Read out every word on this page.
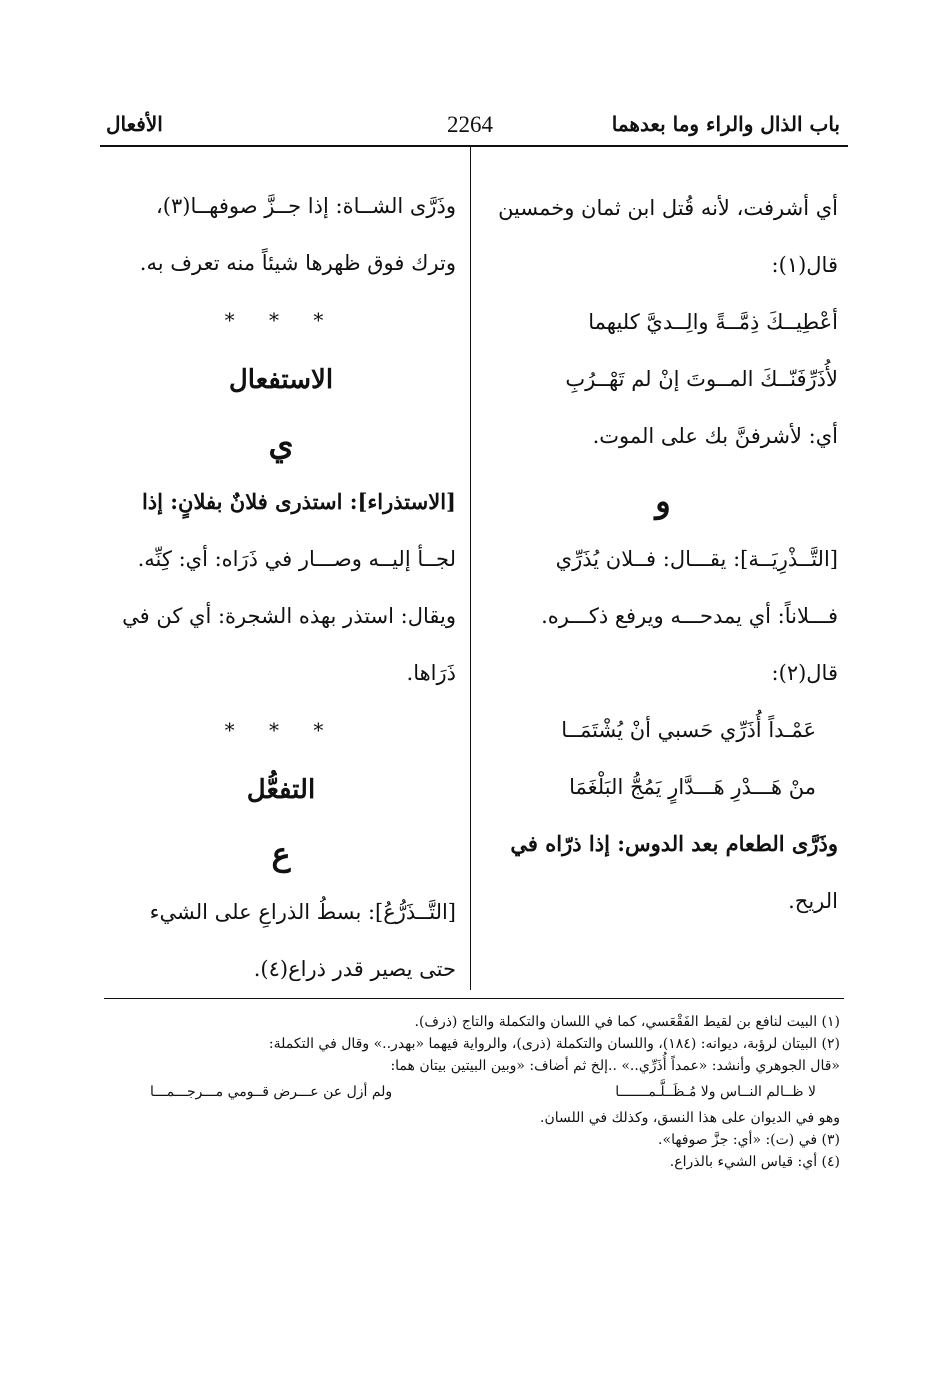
باب الذال والراء وما بعدهما
2264
الأفعال
أي أشرفت، لأنه قُتل ابن ثمان وخمسين
قال(١):
أعْطِيــكَ ذِمَّــةً والِــديَّ كليهما
لأُذَرِّفَنّــكَ المــوتَ إنْ لم تَهْــرُبِ
أي: لأشرفنَّ بك على الموت.
و
[التَّــذْرِيَــة]: يقـــال: فــلان يُذَرِّي
فـــلاناً: أي يمدحـــه ويرفع ذكـــره.
قال(٢):
عَمْـداً أُذَرِّي حَسبي أنْ يُشْتَمَــا
منْ هَـــدْرِ هَـــدَّارٍ يَمُجُّ البَلْغَمَا
وذَرَّى الطعام بعد الدوس: إذا ذرّاه في
الريح.
وذَرَّى الشــاة: إذا جــزَّ صوفهــا(٣)،
وترك فوق ظهرها شيئاً منه تعرف به.
* * *
الاستفعال
ي
[الاستذراء]: استذرى فلانٌ بفلانٍ: إذا
لجــأ إليــه وصـــار في ذَرَاه: أي: كِنِّه.
ويقال: استذر بهذه الشجرة: أي كن في
ذَرَاها.
* * *
التفعُّل
ع
[التَّــذَرُّعُ]: بسطُ الذراعِ على الشيء
حتى يصير قدر ذراع(٤).
(١) البيت لنافع بن لقيط الفَقْعَسي، كما في اللسان والتكملة والتاج (ذرف).
(٢) البيتان لرؤبة، ديوانه: (١٨٤)، واللسان والتكملة (ذرى)، والرواية فيهما «بهدر..» وقال في التكملة:
«قال الجوهري وأنشد: «عمداً أُذَرِّي..» ..إلخ ثم أضاف: «وبين البيتين بيتان هما:
لا ظــالم النــاس ولا مُـظَــلَّـمـــــــا
ولم أزل عن عـــرض قــومي مـــرجـــمـــا
وهو في الديوان على هذا النسق، وكذلك في اللسان.
(٣) في (ت): «أي: جزَّ صوفها».
(٤) أي: قياس الشيء بالذراع.
